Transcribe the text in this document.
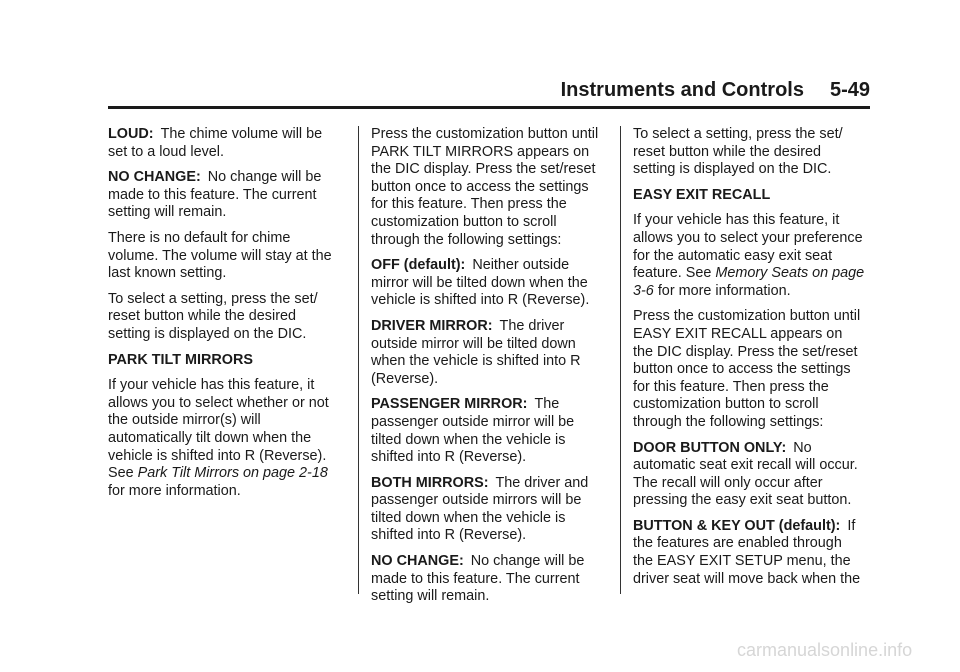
Instruments and Controls 5-49

LOUD: The chime volume will be set to a loud level.

NO CHANGE: No change will be made to this feature. The current setting will remain.

There is no default for chime volume. The volume will stay at the last known setting.

To select a setting, press the set/ reset button while the desired setting is displayed on the DIC.

PARK TILT MIRRORS

If your vehicle has this feature, it allows you to select whether or not the outside mirror(s) will automatically tilt down when the vehicle is shifted into R (Reverse). See Park Tilt Mirrors on page 2-18 for more information.

Press the customization button until PARK TILT MIRRORS appears on the DIC display. Press the set/reset button once to access the settings for this feature. Then press the customization button to scroll through the following settings:

OFF (default): Neither outside mirror will be tilted down when the vehicle is shifted into R (Reverse).

DRIVER MIRROR: The driver outside mirror will be tilted down when the vehicle is shifted into R (Reverse).

PASSENGER MIRROR: The passenger outside mirror will be tilted down when the vehicle is shifted into R (Reverse).

BOTH MIRRORS: The driver and passenger outside mirrors will be tilted down when the vehicle is shifted into R (Reverse).

NO CHANGE: No change will be made to this feature. The current setting will remain.

To select a setting, press the set/ reset button while the desired setting is displayed on the DIC.

EASY EXIT RECALL

If your vehicle has this feature, it allows you to select your preference for the automatic easy exit seat feature. See Memory Seats on page 3-6 for more information.

Press the customization button until EASY EXIT RECALL appears on the DIC display. Press the set/reset button once to access the settings for this feature. Then press the customization button to scroll through the following settings:

DOOR BUTTON ONLY: No automatic seat exit recall will occur. The recall will only occur after pressing the easy exit seat button.

BUTTON & KEY OUT (default): If the features are enabled through the EASY EXIT SETUP menu, the driver seat will move back when the

carmanualsonline.info
